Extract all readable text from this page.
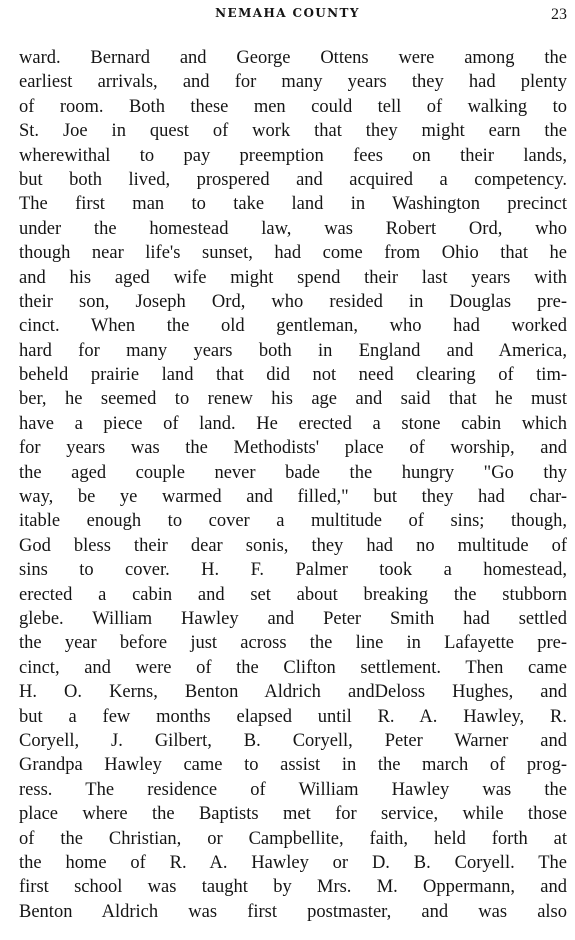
NEMAHA COUNTY	23
ward. Bernard and George Ottens were among the
earliest arrivals, and for many years they had plenty
of room. Both these men could tell of walking to
St. Joe in quest of work that they might earn the
wherewithal to pay preemption fees on their lands,
but both lived, prospered and acquired a competency.
The first man to take land in Washington precinct
under the homestead law, was Robert Ord, who
though near life's sunset, had come from Ohio that he
and his aged wife might spend their last years with
their son, Joseph Ord, who resided in Douglas pre-
cinct. When the old gentleman, who had worked
hard for many years both in England and America,
beheld prairie land that did not need clearing of tim-
ber, he seemed to renew his age and said that he must
have a piece of land. He erected a stone cabin which
for years was the Methodists' place of worship, and
the aged couple never bade the hungry "Go thy
way, be ye warmed and filled," but they had char-
itable enough to cover a multitude of sins; though,
God bless their dear sonis, they had no multitude of
sins to cover. H. F. Palmer took a homestead,
erected a cabin and set about breaking the stubborn
glebe. William Hawley and Peter Smith had settled
the year before just across the line in Lafayette pre-
cinct, and were of the Clifton settlement. Then came
H. O. Kerns, Benton Aldrich andDeloss Hughes, and
but a few months elapsed until R. A. Hawley, R.
Coryell, J. Gilbert, B. Coryell, Peter Warner and
Grandpa Hawley came to assist in the march of prog-
ress. The residence of William Hawley was the
place where the Baptists met for service, while those
of the Christian, or Campbellite, faith, held forth at
the home of R. A. Hawley or D. B. Coryell. The
first school was taught by Mrs. M. Oppermann, and
Benton Aldrich was first postmaster, and was also
